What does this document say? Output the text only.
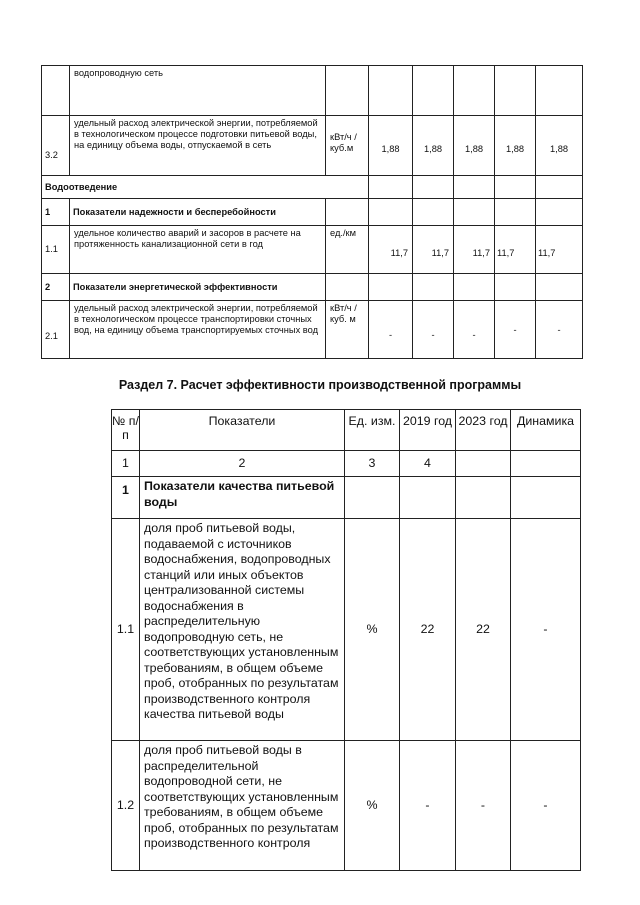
	водопроводную сеть						
3.2	удельный расход электрической энергии, потребляемой в технологическом процессе подготовки питьевой воды, на единицу объема воды, отпускаемой в сеть	кВт/ч /куб.м	1,88	1,88	1,88	1,88	1,88
Водоотведение							
1	Показатели надежности и бесперебойности						
1.1	удельное количество аварий и засоров в расчете на протяженность канализационной сети в год	ед./км	11,7	11,7	11,7	11,7	11,7
2	Показатели энергетической эффективности						
2.1	удельный расход электрической энергии, потребляемой в технологическом процессе транспортировки сточных вод, на единицу объема транспортируемых сточных вод	кВт/ч /куб. м	-	-	-	-	-
Раздел 7. Расчет эффективности производственной программы
№ п/п	Показатели	Ед. изм.	2019 год	2023 год	Динамика
1	2	3	4		
1	Показатели качества питьевой воды				
1.1	доля проб питьевой воды, подаваемой с источников водоснабжения, водопроводных станций или иных объектов централизованной системы водоснабжения в распределительную водопроводную сеть, не соответствующих установленным требованиям, в общем объеме проб, отобранных по результатам производственного контроля качества питьевой воды	%	22	22	-
1.2	доля проб питьевой воды в распределительной водопроводной сети, не соответствующих установленным требованиям, в общем объеме проб, отобранных по результатам производственного контроля	%	-	-	-
